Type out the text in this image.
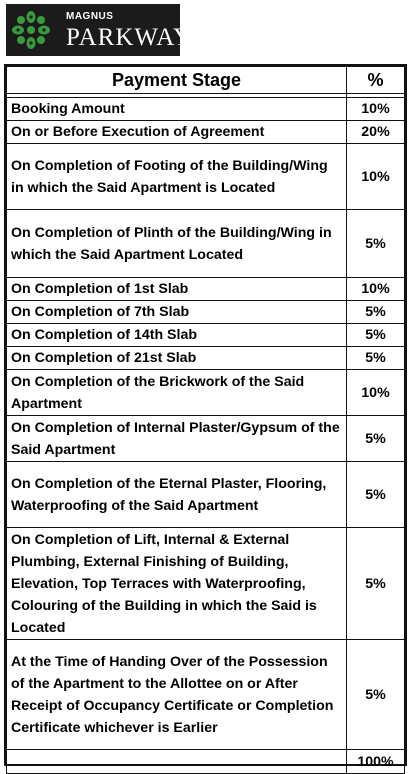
MAGNUS
PARKWAY
Payment Stage	%

Booking Amount	10%
On or Before Execution of Agreement	20%
On Completion of Footing of the Building/Wing in which the Said Apartment is Located	10%
On Completion of Plinth of the Building/Wing in which the Said Apartment Located	5%
On Completion of 1st Slab	10%
On Completion of 7th Slab	5%
On Completion of 14th Slab	5%
On Completion of 21st Slab	5%
On Completion of the Brickwork of the Said Apartment	10%
On Completion of Internal Plaster/Gypsum of the Said Apartment	5%
On Completion of the Eternal Plaster, Flooring, Waterproofing of the Said Apartment	5%
On Completion of Lift, Internal & External Plumbing, External Finishing of Building, Elevation, Top Terraces with Waterproofing, Colouring of the Building in which the Said is Located	5%
At the Time of Handing Over of the Possession of the Apartment to the Allottee on or After Receipt of Occupancy Certificate or Completion Certificate whichever is Earlier	5%
	100%
